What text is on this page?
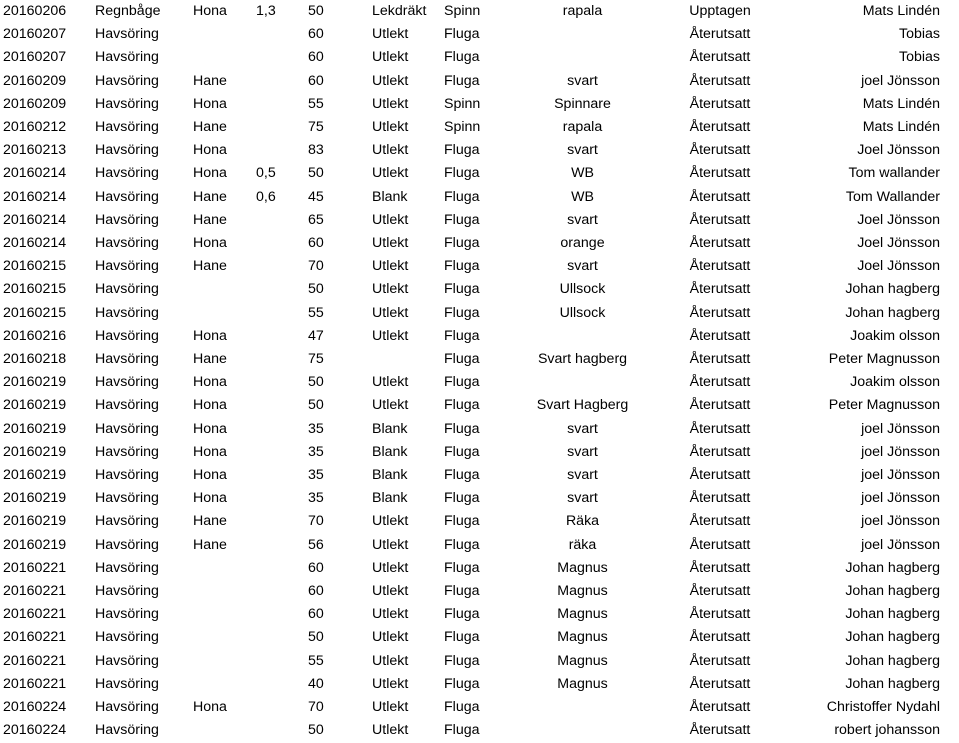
20160206	Regnbåge	Hona	1,3	50	Lekdräkt	Spinn	rapala	Upptagen	Mats Lindén
20160207	Havsöring			60	Utlekt	Fluga		Återutsatt	Tobias
20160207	Havsöring			60	Utlekt	Fluga		Återutsatt	Tobias
20160209	Havsöring	Hane		60	Utlekt	Fluga	svart	Återutsatt	joel Jönsson
20160209	Havsöring	Hona		55	Utlekt	Spinn	Spinnare	Återutsatt	Mats Lindén
20160212	Havsöring	Hane		75	Utlekt	Spinn	rapala	Återutsatt	Mats Lindén
20160213	Havsöring	Hona		83	Utlekt	Fluga	svart	Återutsatt	Joel Jönsson
20160214	Havsöring	Hona	0,5	50	Utlekt	Fluga	WB	Återutsatt	Tom wallander
20160214	Havsöring	Hane	0,6	45	Blank	Fluga	WB	Återutsatt	Tom Wallander
20160214	Havsöring	Hane		65	Utlekt	Fluga	svart	Återutsatt	Joel Jönsson
20160214	Havsöring	Hona		60	Utlekt	Fluga	orange	Återutsatt	Joel Jönsson
20160215	Havsöring	Hane		70	Utlekt	Fluga	svart	Återutsatt	Joel Jönsson
20160215	Havsöring			50	Utlekt	Fluga	Ullsock	Återutsatt	Johan hagberg
20160215	Havsöring			55	Utlekt	Fluga	Ullsock	Återutsatt	Johan hagberg
20160216	Havsöring	Hona		47	Utlekt	Fluga		Återutsatt	Joakim olsson
20160218	Havsöring	Hane		75		Fluga	Svart hagberg	Återutsatt	Peter Magnusson
20160219	Havsöring	Hona		50	Utlekt	Fluga		Återutsatt	Joakim olsson
20160219	Havsöring	Hona		50	Utlekt	Fluga	Svart Hagberg	Återutsatt	Peter Magnusson
20160219	Havsöring	Hona		35	Blank	Fluga	svart	Återutsatt	joel Jönsson
20160219	Havsöring	Hona		35	Blank	Fluga	svart	Återutsatt	joel Jönsson
20160219	Havsöring	Hona		35	Blank	Fluga	svart	Återutsatt	joel Jönsson
20160219	Havsöring	Hona		35	Blank	Fluga	svart	Återutsatt	joel Jönsson
20160219	Havsöring	Hane		70	Utlekt	Fluga	Räka	Återutsatt	joel Jönsson
20160219	Havsöring	Hane		56	Utlekt	Fluga	räka	Återutsatt	joel Jönsson
20160221	Havsöring			60	Utlekt	Fluga	Magnus	Återutsatt	Johan hagberg
20160221	Havsöring			60	Utlekt	Fluga	Magnus	Återutsatt	Johan hagberg
20160221	Havsöring			60	Utlekt	Fluga	Magnus	Återutsatt	Johan hagberg
20160221	Havsöring			50	Utlekt	Fluga	Magnus	Återutsatt	Johan hagberg
20160221	Havsöring			55	Utlekt	Fluga	Magnus	Återutsatt	Johan hagberg
20160221	Havsöring			40	Utlekt	Fluga	Magnus	Återutsatt	Johan hagberg
20160224	Havsöring	Hona		70	Utlekt	Fluga		Återutsatt	Christoffer Nydahl
20160224	Havsöring			50	Utlekt	Fluga		Återutsatt	robert johansson
